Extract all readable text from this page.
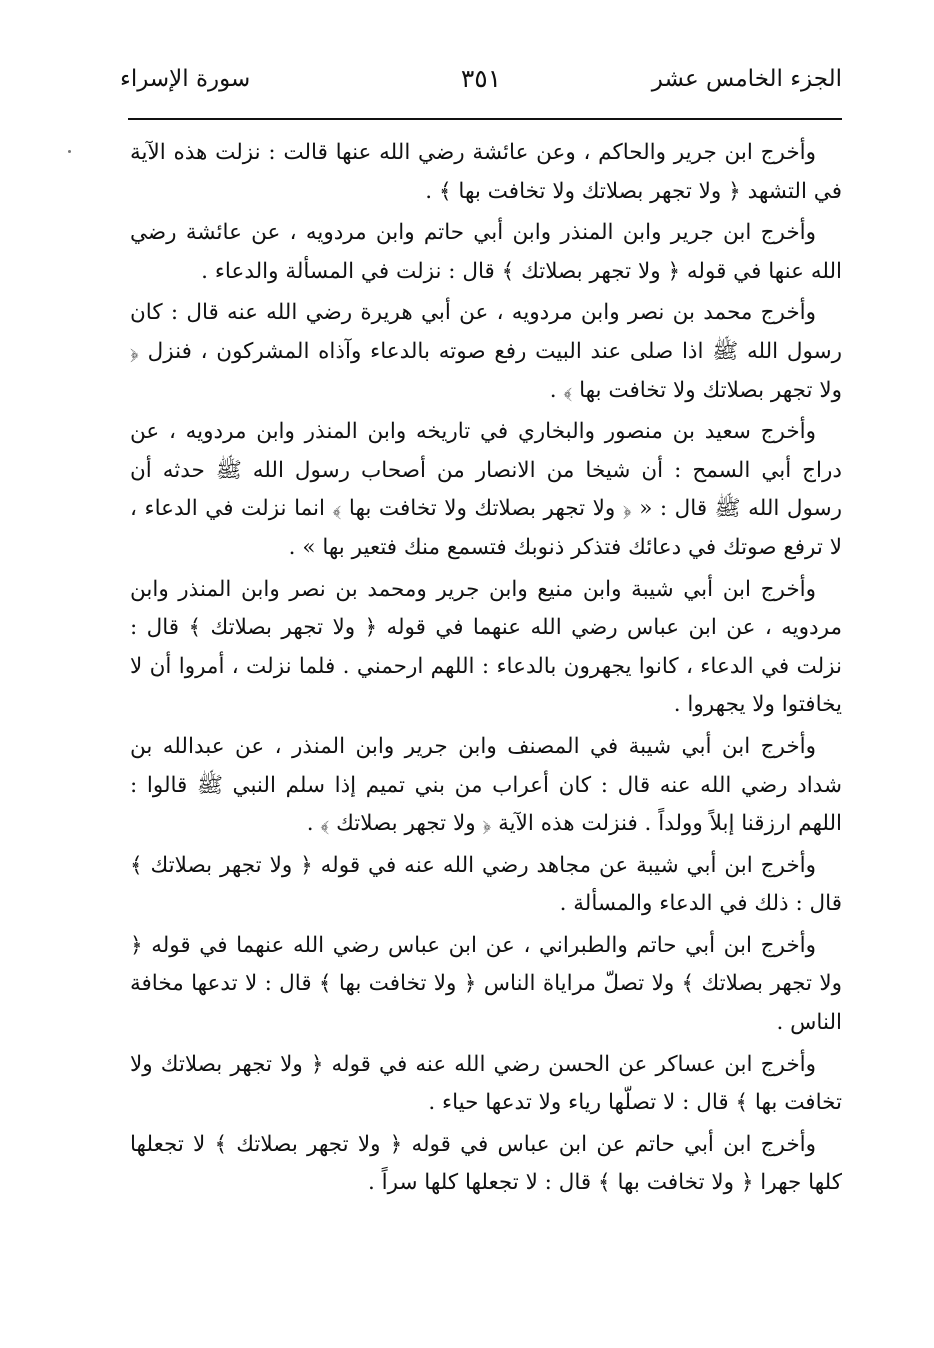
الجزء الخامس عشر
٣٥١
سورة الإسراء

وأخرج ابن جرير والحاكم ، وعن عائشة رضي الله عنها قالت : نزلت هذه الآية في التشهد ﴿ ولا تجهر بصلاتك ولا تخافت بها ﴾ .

وأخرج ابن جرير وابن المنذر وابن أبي حاتم وابن مردويه ، عن عائشة رضي الله عنها في قوله ﴿ ولا تجهر بصلاتك ﴾ قال : نزلت في المسألة والدعاء .

وأخرج محمد بن نصر وابن مردويه ، عن أبي هريرة رضي الله عنه قال : كان رسول الله ﷺ اذا صلى عند البيت رفع صوته بالدعاء وآذاه المشركون ، فنزل ﴿ ولا تجهر بصلاتك ولا تخافت بها ﴾ .

وأخرج سعيد بن منصور والبخاري في تاريخه وابن المنذر وابن مردويه ، عن دراج أبي السمح : أن شيخا من الانصار من أصحاب رسول الله ﷺ حدثه أن رسول الله ﷺ قال : « ﴿ ولا تجهر بصلاتك ولا تخافت بها ﴾ انما نزلت في الدعاء ، لا ترفع صوتك في دعائك فتذكر ذنوبك فتسمع منك فتعير بها » .

وأخرج ابن أبي شيبة وابن منيع وابن جرير ومحمد بن نصر وابن المنذر وابن مردويه ، عن ابن عباس رضي الله عنهما في قوله ﴿ ولا تجهر بصلاتك ﴾ قال : نزلت في الدعاء ، كانوا يجهرون بالدعاء : اللهم ارحمني . فلما نزلت ، أمروا أن لا يخافتوا ولا يجهروا .

وأخرج ابن أبي شيبة في المصنف وابن جرير وابن المنذر ، عن عبدالله بن شداد رضي الله عنه قال : كان أعراب من بني تميم إذا سلم النبي ﷺ قالوا : اللهم ارزقنا إبلاً وولداً . فنزلت هذه الآية ﴿ ولا تجهر بصلاتك ﴾ .

وأخرج ابن أبي شيبة عن مجاهد رضي الله عنه في قوله ﴿ ولا تجهر بصلاتك ﴾ قال : ذلك في الدعاء والمسألة .

وأخرج ابن أبي حاتم والطبراني ، عن ابن عباس رضي الله عنهما في قوله ﴿ ولا تجهر بصلاتك ﴾ ولا تصلّ مراياة الناس ﴿ ولا تخافت بها ﴾ قال : لا تدعها مخافة الناس .

وأخرج ابن عساكر عن الحسن رضي الله عنه في قوله ﴿ ولا تجهر بصلاتك ولا تخافت بها ﴾ قال : لا تصلّها رياء ولا تدعها حياء .

وأخرج ابن أبي حاتم عن ابن عباس في قوله ﴿ ولا تجهر بصلاتك ﴾ لا تجعلها كلها جهرا ﴿ ولا تخافت بها ﴾ قال : لا تجعلها كلها سراً .
